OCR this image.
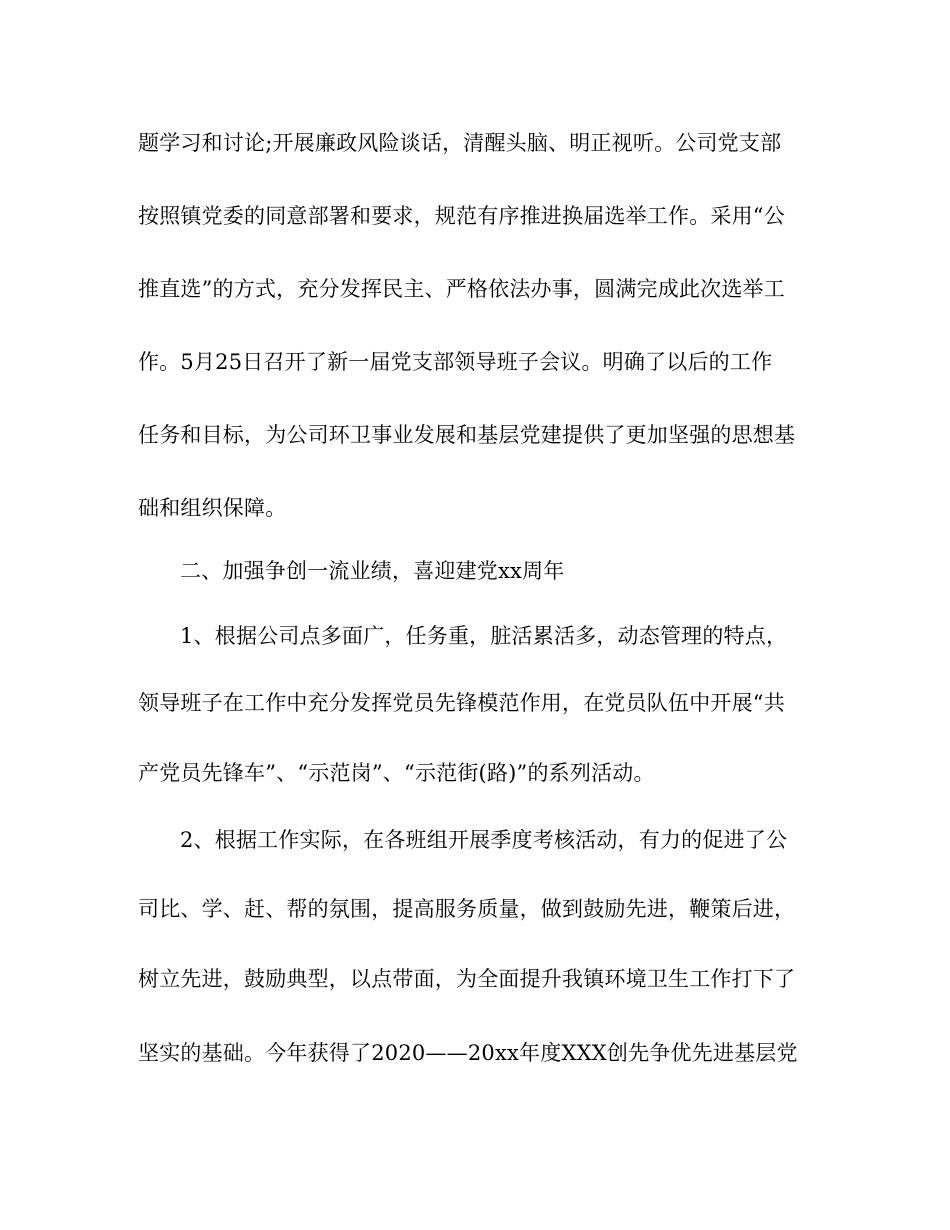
题学习和讨论;开展廉政风险谈话，清醒头脑、明正视听。公司党支部
按照镇党委的同意部署和要求，规范有序推进换届选举工作。采用“公
推直选”的方式，充分发挥民主、严格依法办事，圆满完成此次选举工
作。5月25日召开了新一届党支部领导班子会议。明确了以后的工作
任务和目标，为公司环卫事业发展和基层党建提供了更加坚强的思想基
础和组织保障。
二、加强争创一流业绩，喜迎建党xx周年
1、根据公司点多面广，任务重，脏活累活多，动态管理的特点，
领导班子在工作中充分发挥党员先锋模范作用，在党员队伍中开展“共
产党员先锋车”、“示范岗”、“示范街(路)”的系列活动。
2、根据工作实际，在各班组开展季度考核活动，有力的促进了公
司比、学、赶、帮的氛围，提高服务质量，做到鼓励先进，鞭策后进，
树立先进，鼓励典型，以点带面，为全面提升我镇环境卫生工作打下了
坚实的基础。今年获得了2020——20xx年度XXX创先争优先进基层党
